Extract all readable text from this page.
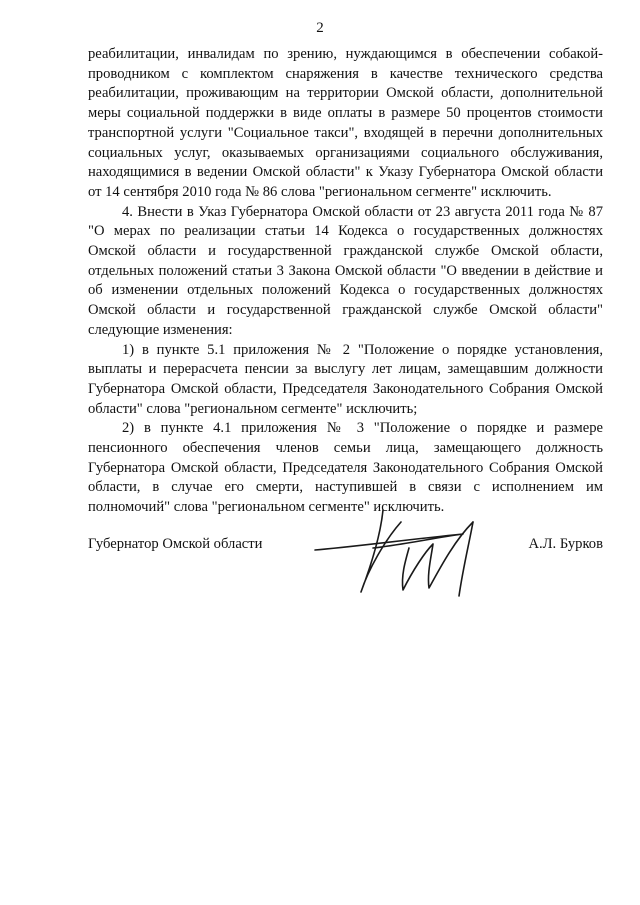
2

реабилитации, инвалидам по зрению, нуждающимся в обеспечении собакой-проводником с комплектом снаряжения в качестве технического средства реабилитации, проживающим на территории Омской области, дополнительной меры социальной поддержки в виде оплаты в размере 50 процентов стоимости транспортной услуги "Социальное такси", входящей в перечни дополнительных социальных услуг, оказываемых организациями социального обслуживания, находящимися в ведении Омской области" к Указу Губернатора Омской области от 14 сентября 2010 года № 86 слова "региональном сегменте" исключить.

4. Внести в Указ Губернатора Омской области от 23 августа 2011 года № 87 "О мерах по реализации статьи 14 Кодекса о государственных должностях Омской области и государственной гражданской службе Омской области, отдельных положений статьи 3 Закона Омской области "О введении в действие и об изменении отдельных положений Кодекса о государственных должностях Омской области и государственной гражданской службе Омской области" следующие изменения:

1) в пункте 5.1 приложения № 2 "Положение о порядке установления, выплаты и перерасчета пенсии за выслугу лет лицам, замещавшим должности Губернатора Омской области, Председателя Законодательного Собрания Омской области" слова "региональном сегменте" исключить;

2) в пункте 4.1 приложения № 3 "Положение о порядке и размере пенсионного обеспечения членов семьи лица, замещающего должность Губернатора Омской области, Председателя Законодательного Собрания Омской области, в случае его смерти, наступившей в связи с исполнением им полномочий" слова "региональном сегменте" исключить.

Губернатор Омской области	А.Л. Бурков
